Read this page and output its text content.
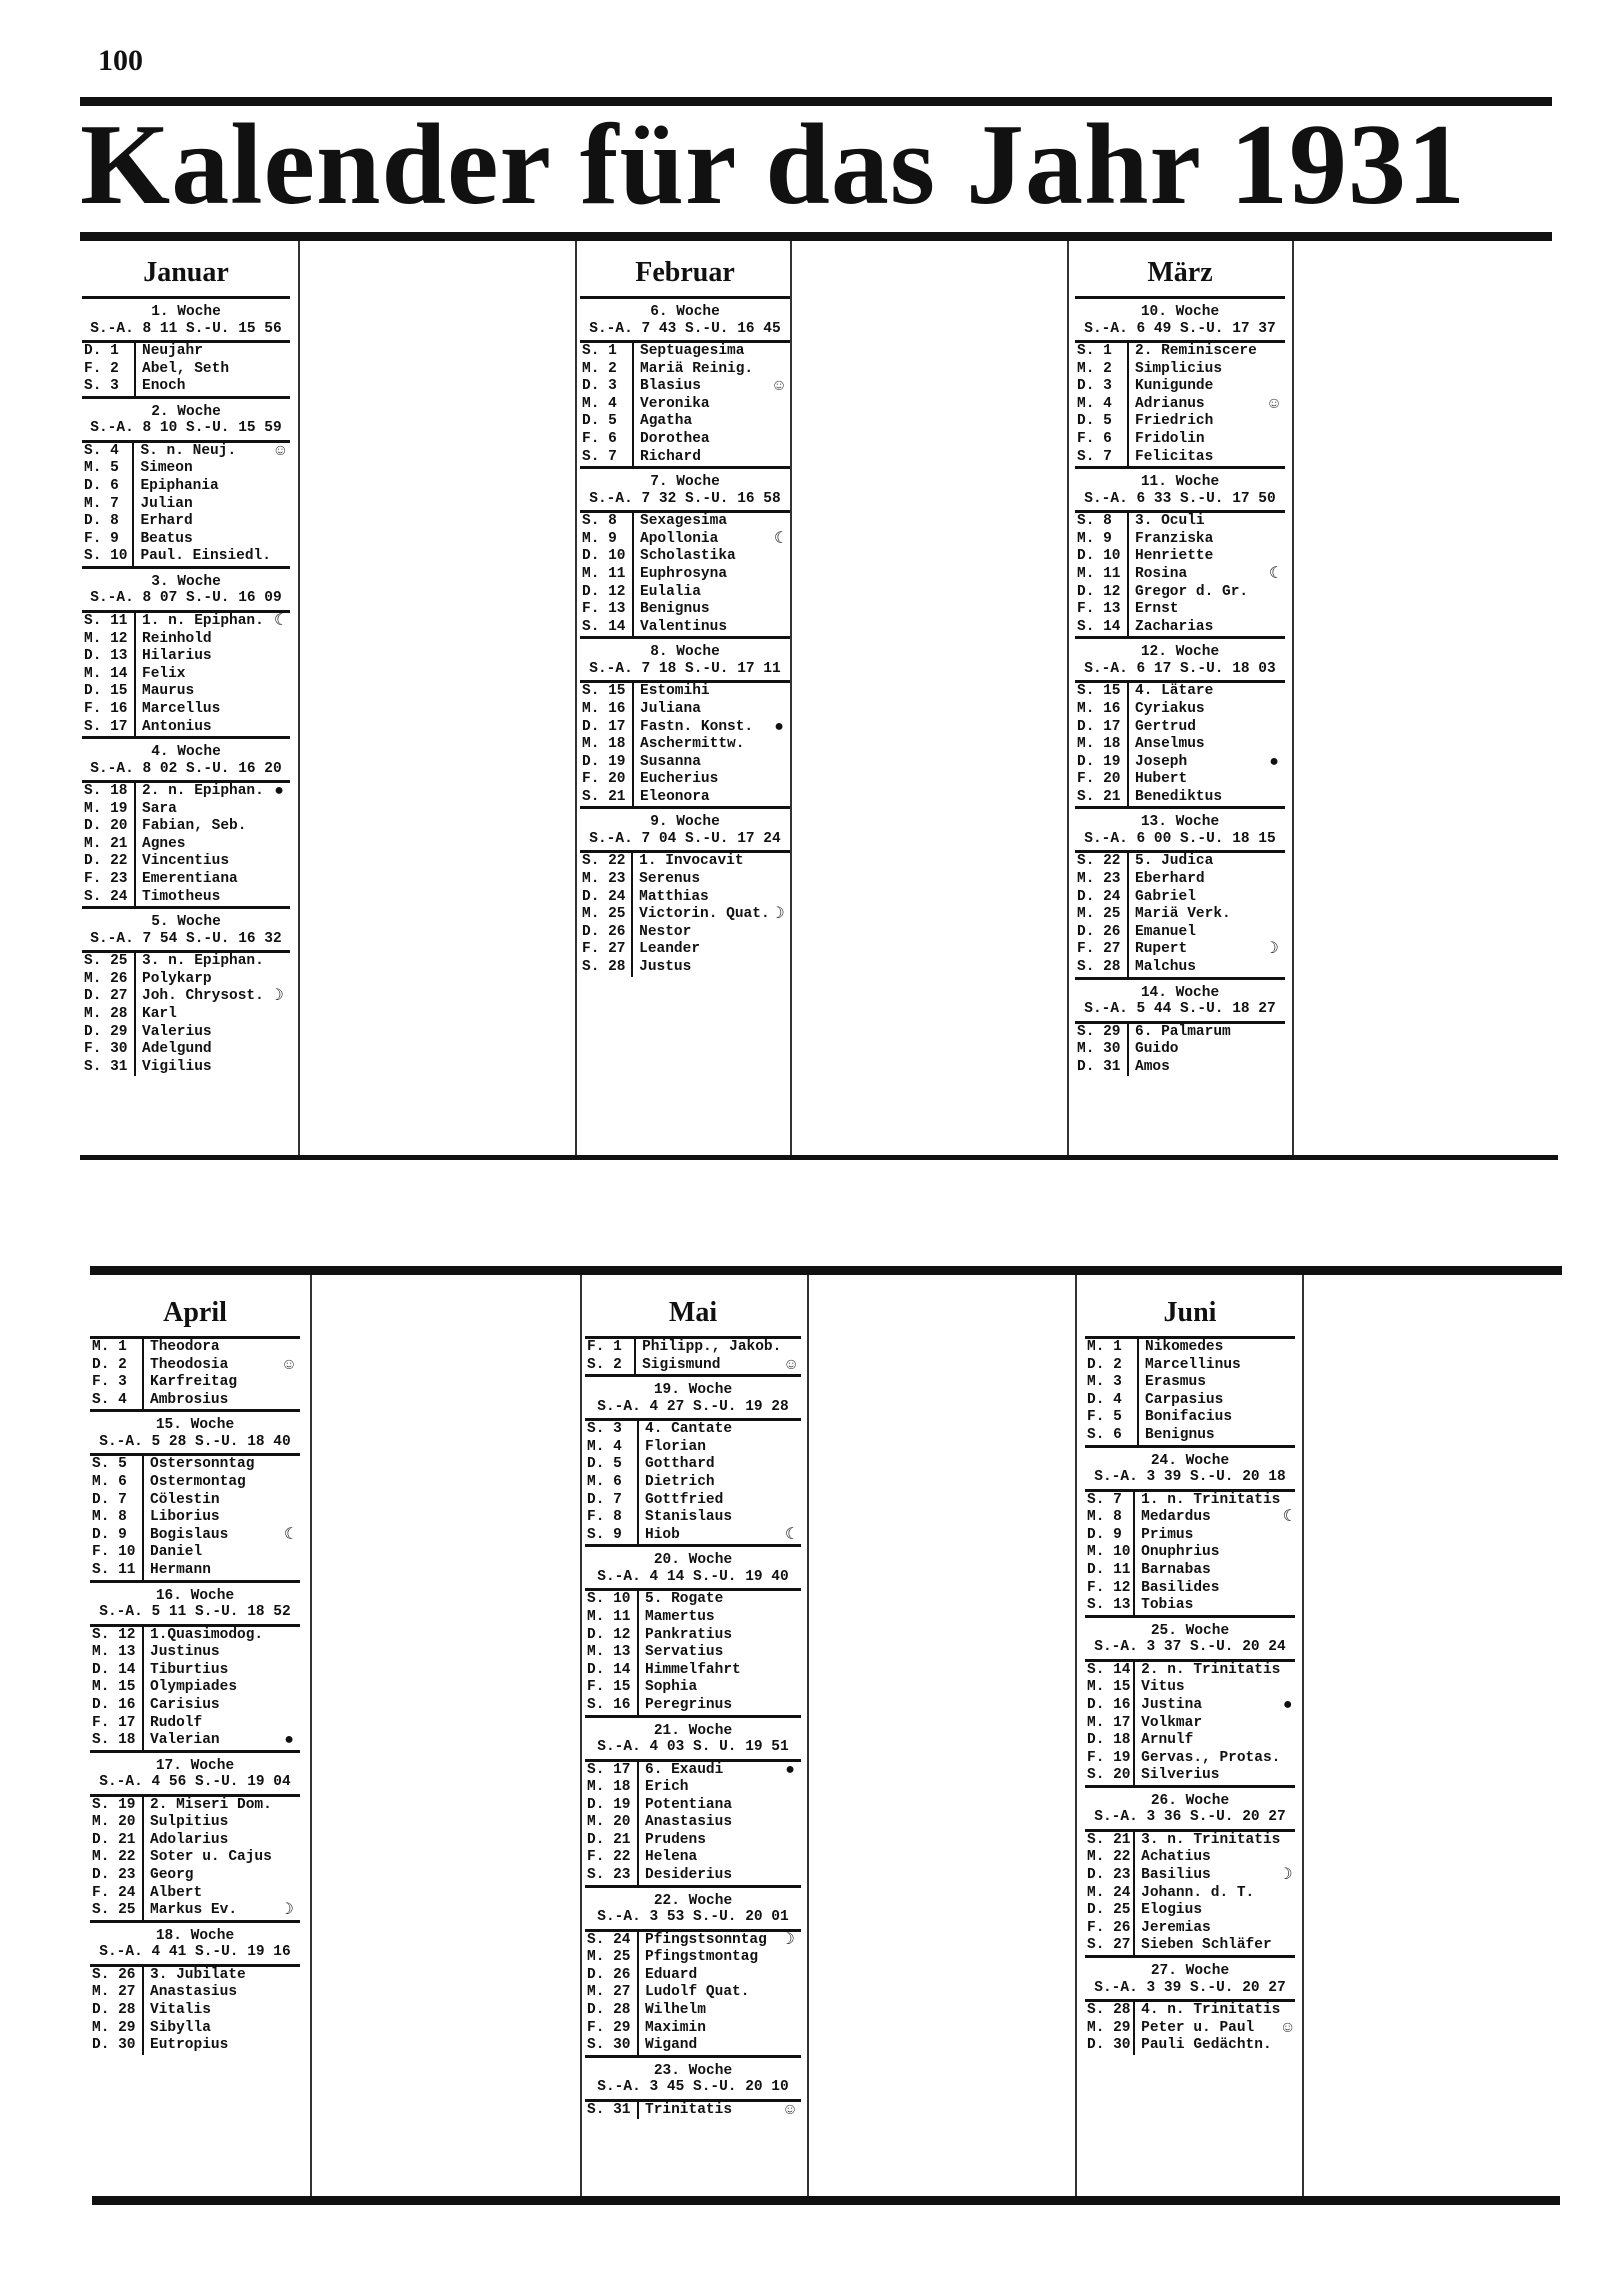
100
Kalender für das Jahr 1931
Januar
1. Woche
S.-A. 8 11 S.-U. 15 56
D. 1	Neujahr	
F. 2	Abel, Seth	
S. 3	Enoch	
2. Woche
S.-A. 8 10 S.-U. 15 59
S. 4	S. n. Neuj.	☺
M. 5	Simeon	
D. 6	Epiphania	
M. 7	Julian	
D. 8	Erhard	
F. 9	Beatus	
S. 10	Paul. Einsiedl.	
3. Woche
S.-A. 8 07 S.-U. 16 09
S. 11	1. n. Epiphan.	☾
M. 12	Reinhold	
D. 13	Hilarius	
M. 14	Felix	
D. 15	Maurus	
F. 16	Marcellus	
S. 17	Antonius	
4. Woche
S.-A. 8 02 S.-U. 16 20
S. 18	2. n. Epiphan.	●
M. 19	Sara	
D. 20	Fabian, Seb.	
M. 21	Agnes	
D. 22	Vincentius	
F. 23	Emerentiana	
S. 24	Timotheus	
5. Woche
S.-A. 7 54 S.-U. 16 32
S. 25	3. n. Epiphan.	
M. 26	Polykarp	
D. 27	Joh. Chrysost.	☽
M. 28	Karl	
D. 29	Valerius	
F. 30	Adelgund	
S. 31	Vigilius	
Februar
6. Woche
S.-A. 7 43 S.-U. 16 45
S. 1	Septuagesima	
M. 2	Mariä Reinig.	
D. 3	Blasius	☺
M. 4	Veronika	
D. 5	Agatha	
F. 6	Dorothea	
S. 7	Richard	
7. Woche
S.-A. 7 32 S.-U. 16 58
S. 8	Sexagesima	
M. 9	Apollonia	☾
D. 10	Scholastika	
M. 11	Euphrosyna	
D. 12	Eulalia	
F. 13	Benignus	
S. 14	Valentinus	
8. Woche
S.-A. 7 18 S.-U. 17 11
S. 15	Estomihi	
M. 16	Juliana	
D. 17	Fastn. Konst.	●
M. 18	Aschermittw.	
D. 19	Susanna	
F. 20	Eucherius	
S. 21	Eleonora	
9. Woche
S.-A. 7 04 S.-U. 17 24
S. 22	1. Invocavit	
M. 23	Serenus	
D. 24	Matthias	
M. 25	Victorin. Quat.	☽
D. 26	Nestor	
F. 27	Leander	
S. 28	Justus	
März
10. Woche
S.-A. 6 49 S.-U. 17 37
S. 1	2. Reminiscere	
M. 2	Simplicius	
D. 3	Kunigunde	
M. 4	Adrianus	☺
D. 5	Friedrich	
F. 6	Fridolin	
S. 7	Felicitas	
11. Woche
S.-A. 6 33 S.-U. 17 50
S. 8	3. Oculi	
M. 9	Franziska	
D. 10	Henriette	
M. 11	Rosina	☾
D. 12	Gregor d. Gr.	
F. 13	Ernst	
S. 14	Zacharias	
12. Woche
S.-A. 6 17 S.-U. 18 03
S. 15	4. Lätare	
M. 16	Cyriakus	
D. 17	Gertrud	
M. 18	Anselmus	
D. 19	Joseph	●
F. 20	Hubert	
S. 21	Benediktus	
13. Woche
S.-A. 6 00 S.-U. 18 15
S. 22	5. Judica	
M. 23	Eberhard	
D. 24	Gabriel	
M. 25	Mariä Verk.	
D. 26	Emanuel	
F. 27	Rupert	☽
S. 28	Malchus	
14. Woche
S.-A. 5 44 S.-U. 18 27
S. 29	6. Palmarum	
M. 30	Guido	
D. 31	Amos	
April
M. 1	Theodora	
D. 2	Theodosia	☺
F. 3	Karfreitag	
S. 4	Ambrosius	
15. Woche
S.-A. 5 28 S.-U. 18 40
S. 5	Ostersonntag	
M. 6	Ostermontag	
D. 7	Cölestin	
M. 8	Liborius	
D. 9	Bogislaus	☾
F. 10	Daniel	
S. 11	Hermann	
16. Woche
S.-A. 5 11 S.-U. 18 52
S. 12	1.Quasimodog.	
M. 13	Justinus	
D. 14	Tiburtius	
M. 15	Olympiades	
D. 16	Carisius	
F. 17	Rudolf	
S. 18	Valerian	●
17. Woche
S.-A. 4 56 S.-U. 19 04
S. 19	2. Miseri Dom.	
M. 20	Sulpitius	
D. 21	Adolarius	
M. 22	Soter u. Cajus	
D. 23	Georg	
F. 24	Albert	
S. 25	Markus Ev.	☽
18. Woche
S.-A. 4 41 S.-U. 19 16
S. 26	3. Jubilate	
M. 27	Anastasius	
D. 28	Vitalis	
M. 29	Sibylla	
D. 30	Eutropius	
Mai
F. 1	Philipp., Jakob.	
S. 2	Sigismund	☺
19. Woche
S.-A. 4 27 S.-U. 19 28
S. 3	4. Cantate	
M. 4	Florian	
D. 5	Gotthard	
M. 6	Dietrich	
D. 7	Gottfried	
F. 8	Stanislaus	
S. 9	Hiob	☾
20. Woche
S.-A. 4 14 S.-U. 19 40
S. 10	5. Rogate	
M. 11	Mamertus	
D. 12	Pankratius	
M. 13	Servatius	
D. 14	Himmelfahrt	
F. 15	Sophia	
S. 16	Peregrinus	
21. Woche
S.-A. 4 03 S. U. 19 51
S. 17	6. Exaudi	●
M. 18	Erich	
D. 19	Potentiana	
M. 20	Anastasius	
D. 21	Prudens	
F. 22	Helena	
S. 23	Desiderius	
22. Woche
S.-A. 3 53 S.-U. 20 01
S. 24	Pfingstsonntag	☽
M. 25	Pfingstmontag	
D. 26	Eduard	
M. 27	Ludolf Quat.	
D. 28	Wilhelm	
F. 29	Maximin	
S. 30	Wigand	
23. Woche
S.-A. 3 45 S.-U. 20 10
S. 31	Trinitatis	☺
Juni
M. 1	Nikomedes	
D. 2	Marcellinus	
M. 3	Erasmus	
D. 4	Carpasius	
F. 5	Bonifacius	
S. 6	Benignus	
24. Woche
S.-A. 3 39 S.-U. 20 18
S. 7	1. n. Trinitatis	
M. 8	Medardus	☾
D. 9	Primus	
M. 10	Onuphrius	
D. 11	Barnabas	
F. 12	Basilides	
S. 13	Tobias	
25. Woche
S.-A. 3 37 S.-U. 20 24
S. 14	2. n. Trinitatis	
M. 15	Vitus	
D. 16	Justina	●
M. 17	Volkmar	
D. 18	Arnulf	
F. 19	Gervas., Protas.	
S. 20	Silverius	
26. Woche
S.-A. 3 36 S.-U. 20 27
S. 21	3. n. Trinitatis	
M. 22	Achatius	
D. 23	Basilius	☽
M. 24	Johann. d. T.	
D. 25	Elogius	
F. 26	Jeremias	
S. 27	Sieben Schläfer	
27. Woche
S.-A. 3 39 S.-U. 20 27
S. 28	4. n. Trinitatis	
M. 29	Peter u. Paul	☺
D. 30	Pauli Gedächtn.	
